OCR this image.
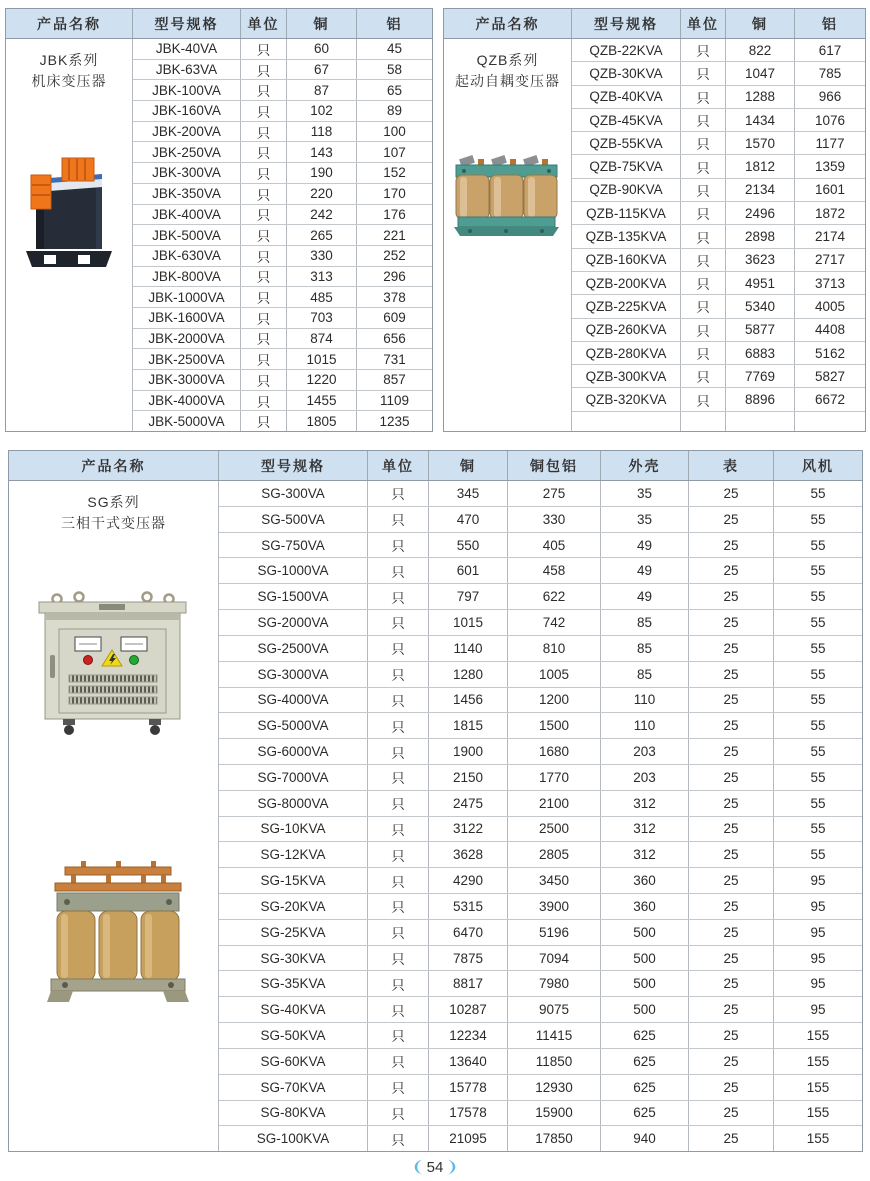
产品名称	型号规格	单位	铜	铝
JBK系列
机床变压器
JBK-40VA	只	60	45
JBK-63VA	只	67	58
JBK-100VA	只	87	65
JBK-160VA	只	102	89
JBK-200VA	只	118	100
JBK-250VA	只	143	107
JBK-300VA	只	190	152
JBK-350VA	只	220	170
JBK-400VA	只	242	176
JBK-500VA	只	265	221
JBK-630VA	只	330	252
JBK-800VA	只	313	296
JBK-1000VA	只	485	378
JBK-1600VA	只	703	609
JBK-2000VA	只	874	656
JBK-2500VA	只	1015	731
JBK-3000VA	只	1220	857
JBK-4000VA	只	1455	1109
JBK-5000VA	只	1805	1235
产品名称	型号规格	单位	铜	铝
QZB系列
起动自耦变压器
QZB-22KVA	只	822	617
QZB-30KVA	只	1047	785
QZB-40KVA	只	1288	966
QZB-45KVA	只	1434	1076
QZB-55KVA	只	1570	1177
QZB-75KVA	只	1812	1359
QZB-90KVA	只	2134	1601
QZB-115KVA	只	2496	1872
QZB-135KVA	只	2898	2174
QZB-160KVA	只	3623	2717
QZB-200KVA	只	4951	3713
QZB-225KVA	只	5340	4005
QZB-260KVA	只	5877	4408
QZB-280KVA	只	6883	5162
QZB-300KVA	只	7769	5827
QZB-320KVA	只	8896	6672
产品名称	型号规格	单位	铜	铜包铝	外壳	表	风机
SG系列
三相干式变压器
SG-300VA	只	345	275	35	25	55
SG-500VA	只	470	330	35	25	55
SG-750VA	只	550	405	49	25	55
SG-1000VA	只	601	458	49	25	55
SG-1500VA	只	797	622	49	25	55
SG-2000VA	只	1015	742	85	25	55
SG-2500VA	只	1140	810	85	25	55
SG-3000VA	只	1280	1005	85	25	55
SG-4000VA	只	1456	1200	110	25	55
SG-5000VA	只	1815	1500	110	25	55
SG-6000VA	只	1900	1680	203	25	55
SG-7000VA	只	2150	1770	203	25	55
SG-8000VA	只	2475	2100	312	25	55
SG-10KVA	只	3122	2500	312	25	55
SG-12KVA	只	3628	2805	312	25	55
SG-15KVA	只	4290	3450	360	25	95
SG-20KVA	只	5315	3900	360	25	95
SG-25KVA	只	6470	5196	500	25	95
SG-30KVA	只	7875	7094	500	25	95
SG-35KVA	只	8817	7980	500	25	95
SG-40KVA	只	10287	9075	500	25	95
SG-50KVA	只	12234	11415	625	25	155
SG-60KVA	只	13640	11850	625	25	155
SG-70KVA	只	15778	12930	625	25	155
SG-80KVA	只	17578	15900	625	25	155
SG-100KVA	只	21095	17850	940	25	155
54
